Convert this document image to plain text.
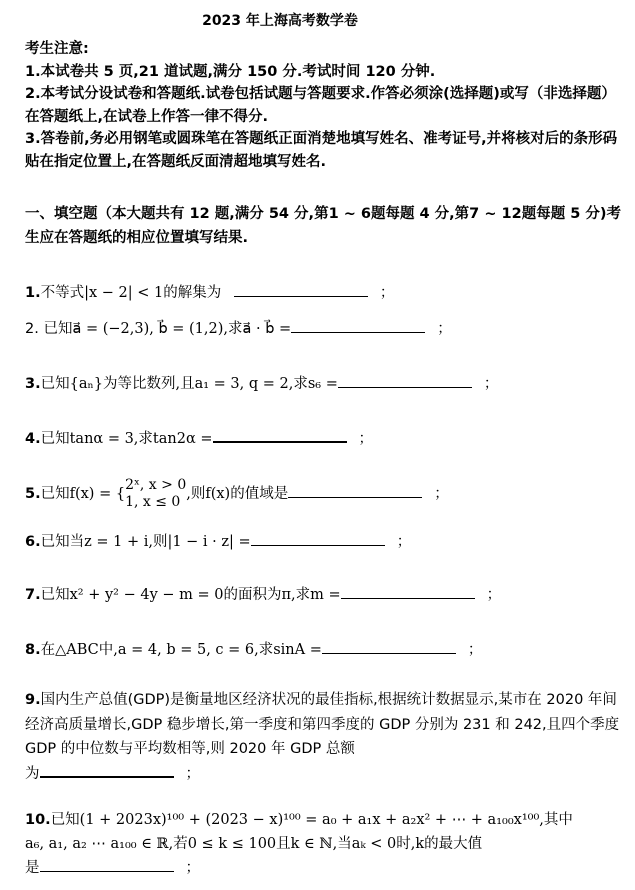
2023 年上海高考数学卷
考生注意:
1.本试卷共 5 页,21 道试题,满分 150 分.考试时间 120 分钟.
2.本考试分设试卷和答题纸.试卷包括试题与答题要求.作答必须涂(选择题)或写（非选择题）在答题纸上,在试卷上作答一律不得分.
3.答卷前,务必用钢笔或圆珠笔在答题纸正面消楚地填写姓名、准考证号,并将核对后的条形码贴在指定位置上,在答题纸反面清超地填写姓名.
一、填空题（本大题共有 12 题,满分 54 分,第1 ~ 6题每题 4 分,第7 ~ 12题每题 5 分)考生应在答题纸的相应位置填写结果.
1.不等式|x − 2| < 1的解集为	；
2. 已知a⃗ = (−2,3), b⃗ = (1,2),求a⃗ · b⃗ =	；
3.已知{aₙ}为等比数列,且a₁ = 3, q = 2,求s₆ =	；
4.已知tanα = 3,求tan2α =	；
5.已知f(x) = {
2ˣ, x > 0
1, x ≤ 0 ,则f(x)的值域是	；
6.已知当z = 1 + i,则|1 − i · z| =	；
7.已知x² + y² − 4y − m = 0的面积为π,求m =	；
8.在△ABC中,a = 4, b = 5, c = 6,求sinA =	；
9.国内生产总值(GDP)是衡量地区经济状况的最佳指标,根据统计数据显示,某市在 2020 年间经济高质量增长,GDP 稳步增长,第一季度和第四季度的 GDP 分别为 231 和 242,且四个季度 GDP 的中位数与平均数相等,则 2020 年 GDP 总额
为	；
10.已知(1 + 2023x)¹⁰⁰ + (2023 − x)¹⁰⁰ = a₀ + a₁x + a₂x² + ⋯ + a₁₀₀x¹⁰⁰,其中
a₆, a₁, a₂ ⋯ a₁₀₀ ∈ ℝ,若0 ≤ k ≤ 100且k ∈ ℕ,当aₖ < 0时,k的最大值
是	；
